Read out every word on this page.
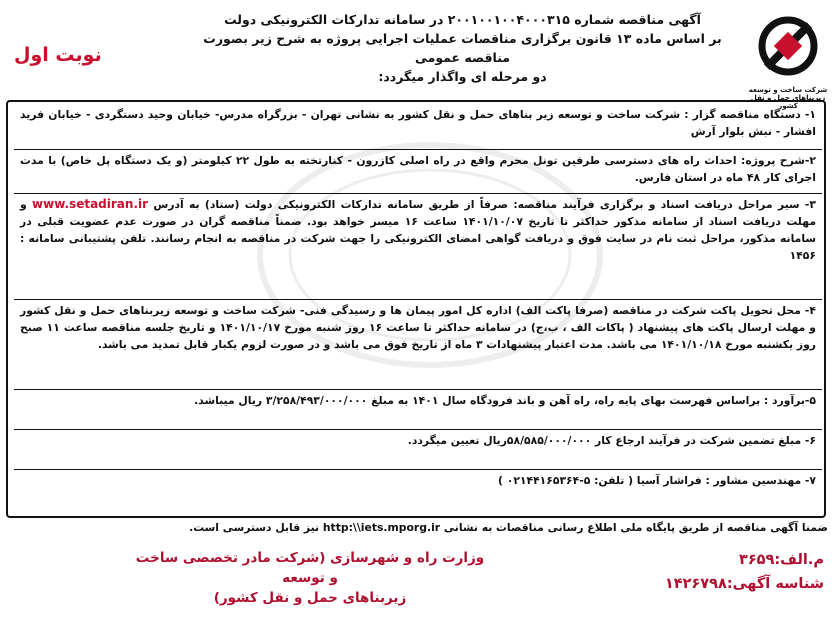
شرکت ساخت و توسعه زیربناهای حمل و نقل کشور
آگهی مناقصه شماره ۲۰۰۱۰۰۱۰۰۴۰۰۰۳۱۵ در سامانه تدارکات الکترونیکی دولت
بر اساس ماده ۱۳ قانون برگزاری مناقصات عملیات اجرایی پروژه به شرح زیر بصورت مناقصه عمومی
دو مرحله ای واگذار میگردد:
نوبت اول
۱- دستگاه مناقصه گزار : شرکت ساخت و توسعه زیر بناهای حمل و نقل کشور به نشانی تهران - بزرگراه مدرس- خیابان وحید دستگردی - خیابان فرید افشار - نبش بلوار آرش
۲-شرح پروژه: احداث راه های دسترسی طرفین تونل محرم واقع در راه اصلی کازرون - کنارتخته به طول ۲۲ کیلومتر (و یک دستگاه پل خاص) با مدت اجرای کار ۴۸ ماه در استان فارس.
۳- سیر مراحل دریافت اسناد و برگزاری فرآیند مناقصه: صرفاً از طریق سامانه تدارکات الکترونیکی دولت (ستاد) به آدرس www.setadiran.ir و مهلت دریافت اسناد از سامانه مذکور حداکثر تا تاریخ ۱۴۰۱/۱۰/۰۷ ساعت ۱۶ میسر خواهد بود. ضمناً مناقصه گران در صورت عدم عضویت قبلی در سامانه مذکور، مراحل ثبت نام در سایت فوق و دریافت گواهی امضای الکترونیکی را جهت شرکت در مناقصه به انجام رسانند. تلفن پشتیبانی سامانه : ۱۴۵۶
۴- محل تحویل پاکت شرکت در مناقصه (صرفا پاکت الف) اداره کل امور پیمان ها و رسیدگی فنی- شرکت ساخت و توسعه زیربناهای حمل و نقل کشور و مهلت ارسال پاکت های پیشنهاد ( پاکات الف ، ب،ج) در سامانه حداکثر تا ساعت ۱۶ روز شنبه مورخ ۱۴۰۱/۱۰/۱۷ و تاریخ جلسه مناقصه ساعت ۱۱ صبح روز یکشنبه مورخ ۱۴۰۱/۱۰/۱۸ می باشد. مدت اعتبار پیشنهادات ۳ ماه از تاریخ فوق می باشد و در صورت لزوم یکبار قابل تمدید می باشد.
۵-برآورد : براساس فهرست بهای پایه راه، راه آهن و باند فرودگاه سال ۱۴۰۱ به مبلغ ۳/۲۵۸/۴۹۳/۰۰۰/۰۰۰ ریال میباشد.
۶- مبلغ تضمین شرکت در فرآیند ارجاع کار ۵۸/۵۸۵/۰۰۰/۰۰۰ریال تعیین میگردد.
۷- مهندسین مشاور : فراشار آسیا ( تلفن: ۵-۰۲۱۴۴۱۶۵۳۶۴ )
ضمنا آگهی مناقصه از طریق پایگاه ملی اطلاع رسانی مناقصات به نشانی http:\\iets.mporg.ir نیز قابل دسترسی است.
وزارت راه و شهرسازی (شرکت مادر تخصصی ساخت و توسعه
زیربناهای حمل و نقل کشور)
م.الف:۳۶۵۹
شناسه آگهی:۱۴۲۶۷۹۸
